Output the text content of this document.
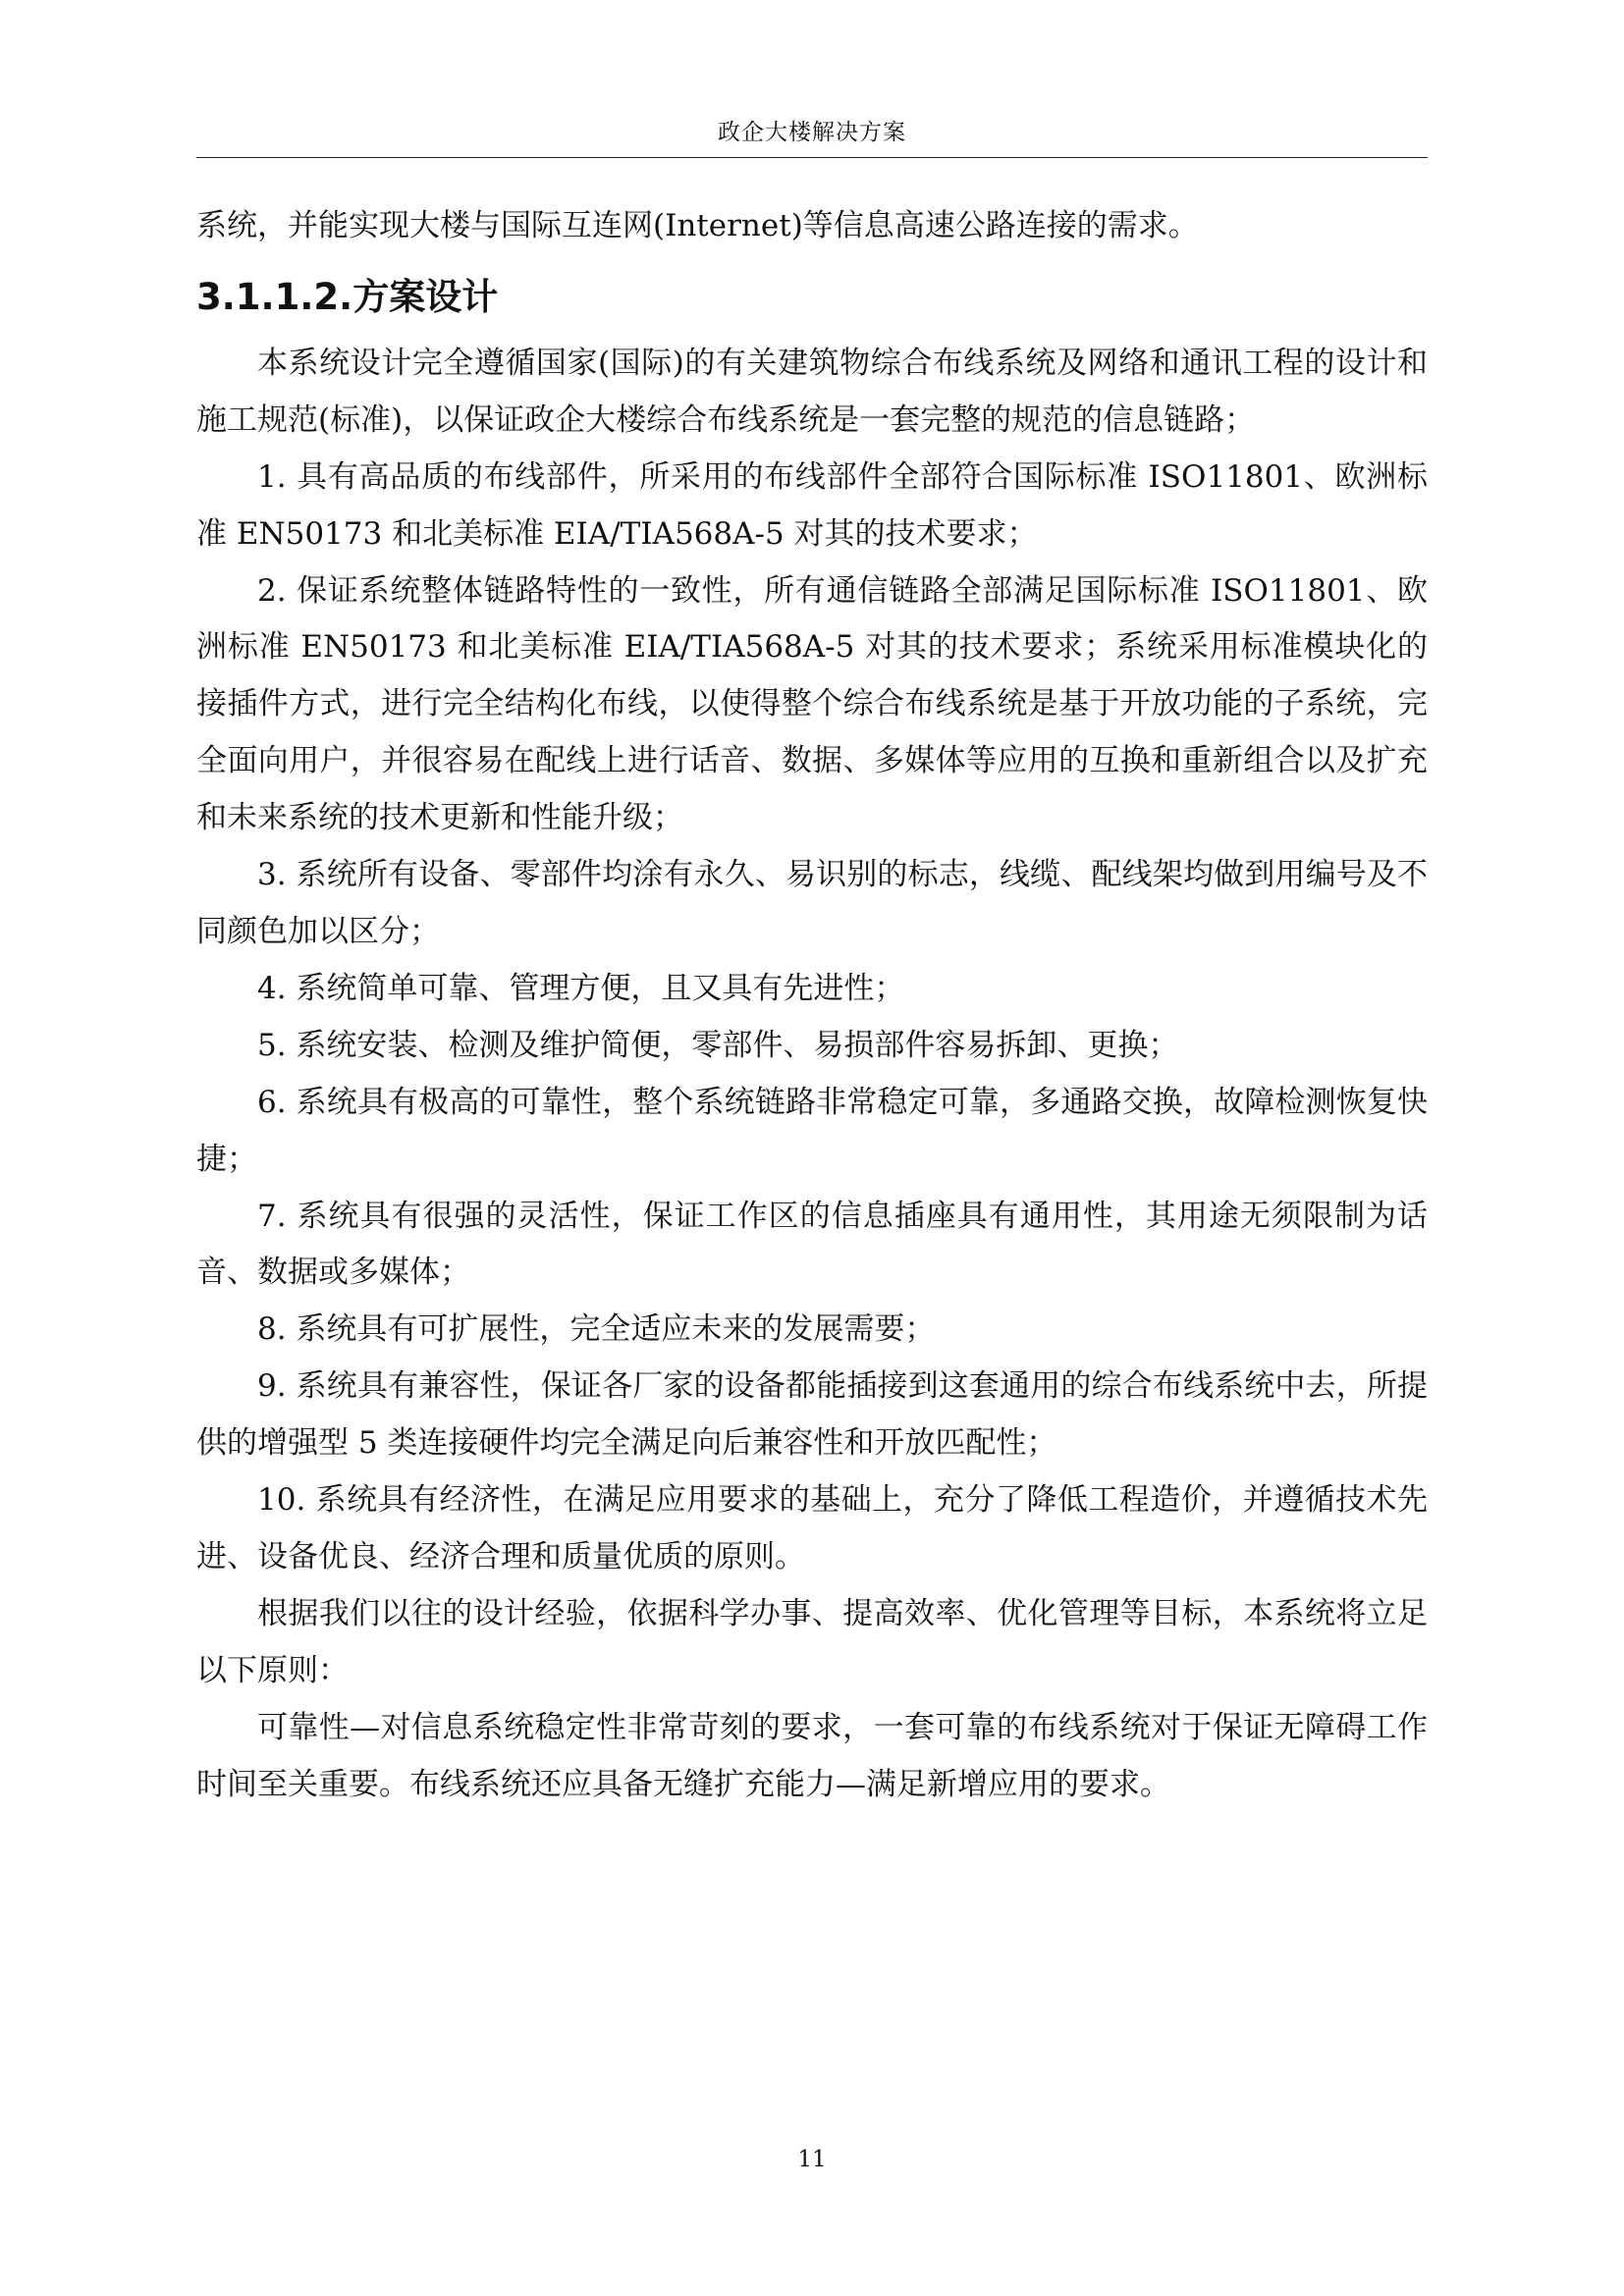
政企大楼解决方案

系统，并能实现大楼与国际互连网(Internet)等信息高速公路连接的需求。

3.1.1.2.方案设计

本系统设计完全遵循国家(国际)的有关建筑物综合布线系统及网络和通讯工程的设计和施工规范(标准)，以保证政企大楼综合布线系统是一套完整的规范的信息链路；

1. 具有高品质的布线部件，所采用的布线部件全部符合国际标准 ISO11801、欧洲标准 EN50173 和北美标准 EIA/TIA568A-5 对其的技术要求；

2. 保证系统整体链路特性的一致性，所有通信链路全部满足国际标准 ISO11801、欧洲标准 EN50173 和北美标准 EIA/TIA568A-5 对其的技术要求；系统采用标准模块化的接插件方式，进行完全结构化布线，以使得整个综合布线系统是基于开放功能的子系统，完全面向用户，并很容易在配线上进行话音、数据、多媒体等应用的互换和重新组合以及扩充和未来系统的技术更新和性能升级；

3. 系统所有设备、零部件均涂有永久、易识别的标志，线缆、配线架均做到用编号及不同颜色加以区分；

4. 系统简单可靠、管理方便，且又具有先进性；

5. 系统安装、检测及维护简便，零部件、易损部件容易拆卸、更换；

6. 系统具有极高的可靠性，整个系统链路非常稳定可靠，多通路交换，故障检测恢复快捷；

7. 系统具有很强的灵活性，保证工作区的信息插座具有通用性，其用途无须限制为话音、数据或多媒体；

8. 系统具有可扩展性，完全适应未来的发展需要；

9. 系统具有兼容性，保证各厂家的设备都能插接到这套通用的综合布线系统中去，所提供的增强型 5 类连接硬件均完全满足向后兼容性和开放匹配性；

10. 系统具有经济性，在满足应用要求的基础上，充分了降低工程造价，并遵循技术先进、设备优良、经济合理和质量优质的原则。

根据我们以往的设计经验，依据科学办事、提高效率、优化管理等目标，本系统将立足以下原则：

可靠性—对信息系统稳定性非常苛刻的要求，一套可靠的布线系统对于保证无障碍工作时间至关重要。布线系统还应具备无缝扩充能力—满足新增应用的要求。

11
